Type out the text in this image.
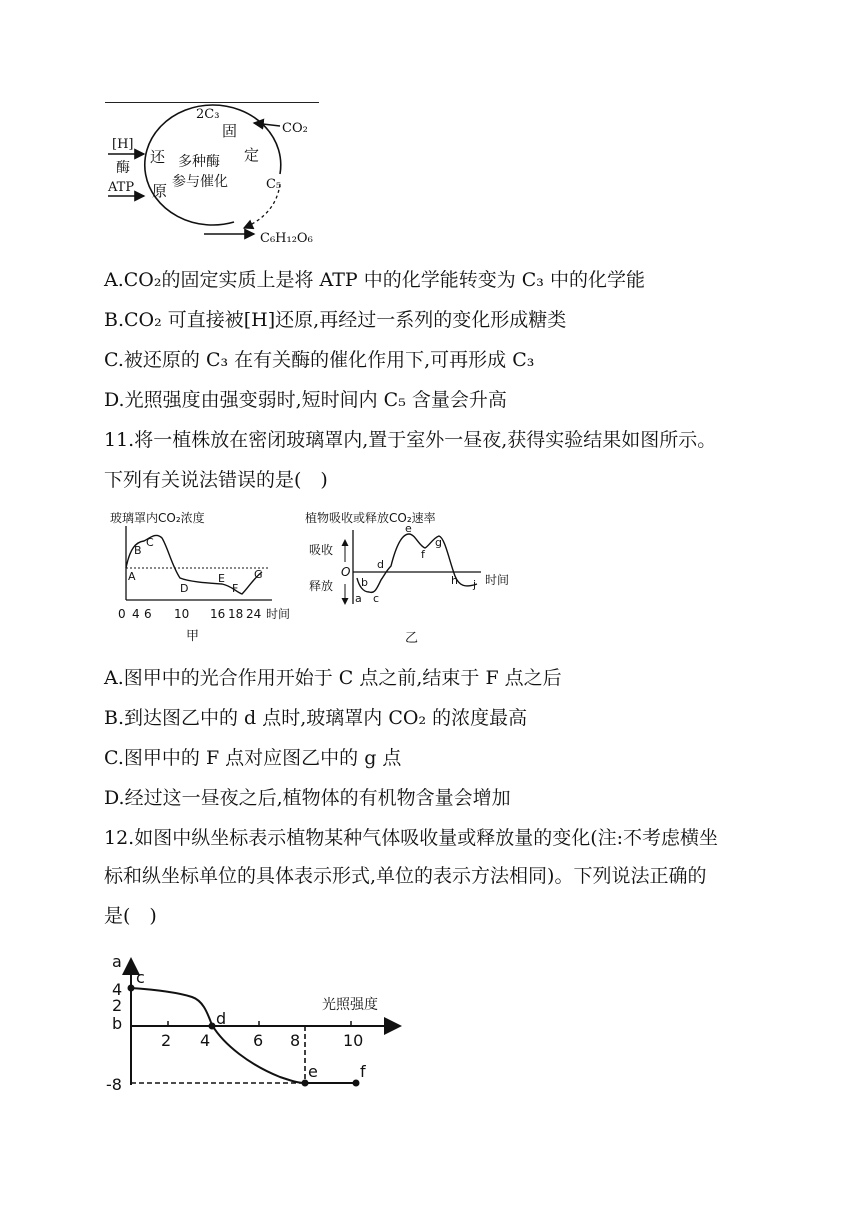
2C₃
CO₂
[H]
酶
ATP
还
原
固
定
多种酶
参与催化	C₅
C₆H₁₂O₆
A.CO₂的固定实质上是将 ATP 中的化学能转变为 C₃ 中的化学能
B.CO₂ 可直接被[H]还原,再经过一系列的变化形成糖类
C.被还原的 C₃ 在有关酶的催化作用下,可再形成 C₃
D.光照强度由强变弱时,短时间内 C₅ 含量会升高
11.将一植株放在密闭玻璃罩内,置于室外一昼夜,获得实验结果如图所示。
下列有关说法错误的是(　)
玻璃罩内CO₂浓度
A
B
C
D
E
F
G
0 4 6 10 16 18 24 时间
甲
植物吸收或释放CO₂速率
吸收
释放
O
a
b
c
d
e
f
g
h j 时间
乙
A.图甲中的光合作用开始于 C 点之前,结束于 F 点之后
B.到达图乙中的 d 点时,玻璃罩内 CO₂ 的浓度最高
C.图甲中的 F 点对应图乙中的 g 点
D.经过这一昼夜之后,植物体的有机物含量会增加
12.如图中纵坐标表示植物某种气体吸收量或释放量的变化(注:不考虑横坐
标和纵坐标单位的具体表示形式,单位的表示方法相同)。下列说法正确的
是(　)
a
4
2
b
-8
c
d
e	f
2 4	6 8	10
光照强度
